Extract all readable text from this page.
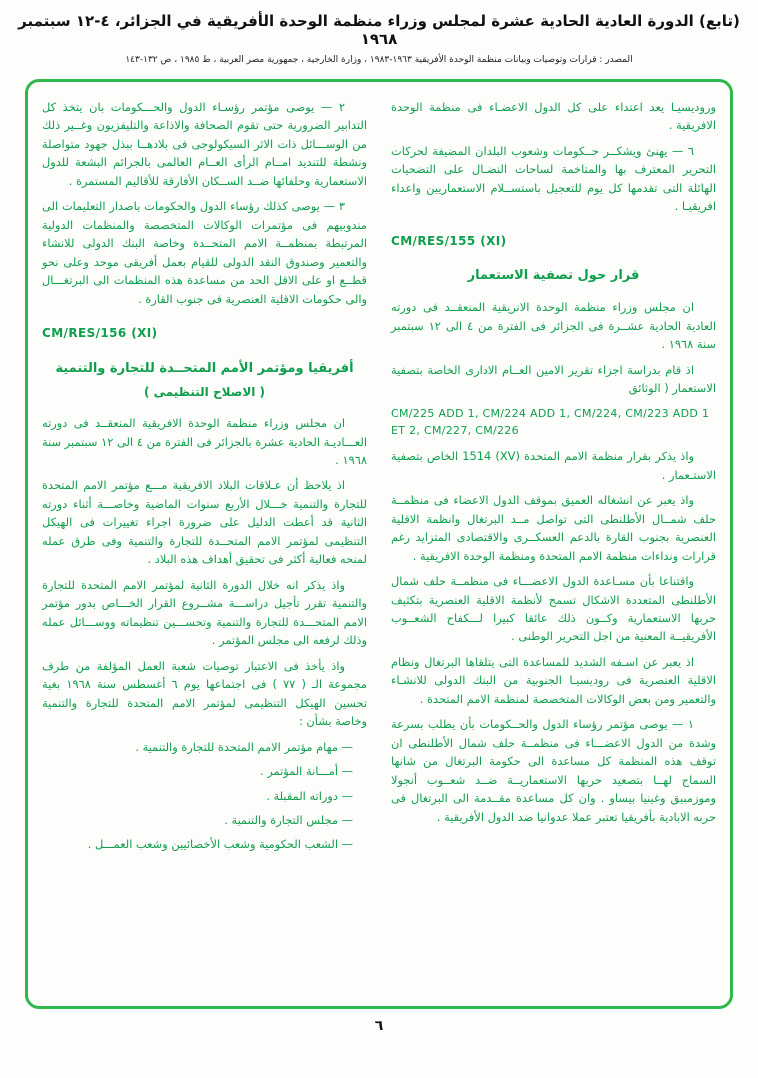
(تابع) الدورة العادية الحادية عشرة لمجلس وزراء منظمة الوحدة الأفريقية في الجزائر، ٤-١٢ سبتمبر ١٩٦٨
المصدر : قرارات وتوصيات وبيانات منظمة الوحدة الأفريقية ١٩٦٣-١٩٨٣ ، وزارة الخارجية ، جمهورية مصر العربية ، ط ١٩٨٥ ، ص ١٣٢-١٤٣

وروديسيـا يعد اعتداء على كل الدول الاعضـاء فى منظمة الوحدة الافريقية .

٦ — يهنئ ويشكــر حــكومات وشعوب البلدان المضيفة لحركات التحرير المعترف بها والمتاخمة لساحات النضـال على التضحيات الهائلة التى تقدمها كل يوم للتعجيل باستســلام الاستعماريين واعداء افريقيـا .

CM/RES/155 (XI)
قرار حول تصفية الاستعمار

ان مجلس وزراء منظمة الوحدة الانريقية المنعقــد فى دورته العادية الحادية عشــرة فى الجزائر فى الفترة من ٤ الى ١٢ سبتمبر سنة ١٩٦٨ .

اذ قام بدراسة اجزاء تقرير الامين العــام الادارى الخاصة بتصفية الاستعمار ( الوثائق

CM/225 ADD 1, CM/224 ADD 1, CM/224, CM/223 ADD 1 ET 2, CM/227, CM/226

واذ يذكر بقرار منظمة الامم المتحدة (XV) 1514 الخاص بتصفية الاستـعمار .

واذ يعبر عن انشغاله العميق بموقف الدول الاعضاء فى منظمــة حلف شمــال الأطلنطى التى تواصل مــد البرتغال وانظمة الاقلية العنصرية بجنوب القارة بالدعم العسكــرى والاقتصادى المتزايد رغم قرارات ونداءات منظمة الامم المتحدة ومنظمة الوحدة الافريقية .

واقتناعا بأن مسـاعدة الدول الاعضـــاء فى منظمــة حلف شمال الأطلنطى المتعددة الاشكال تسمح لأنظمة الاقلية العنصرية بتكثيف حربها الاستعمارية وكــون ذلك عائقا كبيرا لـــكفاح الشعــوب الأفريقيــة المعنية من اجل التحرير الوطنى .

اذ يعبر عن اسـفه الشديد للمساعدة التى يتلقاها البرتغال ونظام الاقلية العنصرية فى روديسيـا الجنوبية من البنك الدولى للانشـاء والتعمير ومن بعض الوكالات المتخصصة لمنظمة الامم المتحدة .

١ — يوصى مؤتمر رؤساء الدول والحــكومات بأن يطلب بسرعة وشدة من الدول الاعضـــاء فى منظمــة حلف شمال الأطلنطى ان توقف هذه المنظمة كل مساعدة الى حكومة البرتغال من شانها السماح لهــا بتصعيد حربها الاستعماريــة ضــد شعــوب أنجولا وموزمبيق وغينيا بيساو . وان كل مساعدة مقــدمة الى البرتغال فى حربه الابادية بأفريقيا تعتبر عملا عدوانيا ضد الدول الأفريقية .

٢ — يوصى مؤتمر رؤسـاء الدول والحـــكومات بان يتخذ كل التدابير الضرورية حتى تقوم الصحافة والاذاعة والتليفزيون وغــير ذلك من الوســـائل ذات الاثر السيكولوجى فى بلادهــا ببذل جهود متواصلة ونشطة للتنديد امــام الرأى العــام العالمى بالجرائم البشعة للدول الاستعمارية وحلفائها ضــد الســكان الأفارقة للأقاليم المستمرة .

٣ — يوصى كذلك رؤساء الدول والحكومات باصدار التعليمات الى مندوبيهم فى مؤتمرات الوكالات المتخصصة والمنظمات الدولية المرتبطة بمنظمــة الامم المتحــدة وخاصة البنك الدولى للانشاء والتعمير وصندوق النقد الدولى للقيام بعمل أفريقى موحد وعلى نحو قطــع او على الاقل الحد من مساعدة هذه المنظمات الى البرتغـــال والى حكومات الاقلية العنصرية فى جنوب القارة .

CM/RES/156 (XI)
أفريقيا ومؤتمر الأمم المتحــدة للتجارة والتنمية
( الاصلاح التنظيمى )

ان مجلس وزراء منظمة الوحدة الافريقية المنعقــد فى دورته العـــاديـة الحادية عشرة بالجزائر فى الفترة من ٤ الى ١٢ سبتمبر سنة ١٩٦٨ .

اذ يلاحظ أن عـلاقات البلاد الافريقية مـــع مؤتمر الامم المتحدة للتجارة والتنمية خـــلال الأربع سنوات الماضية وخاصـــة أثناء دورته الثانية قد أعطت الدليل على ضرورة اجراء تغييرات فى الهيكل التنظيمى لمؤتمر الامم المتحــدة للتجارة والتنمية وفى طرق عمله لمنحه فعالية أكثر فى تحقيق أهداف هذه البلاد .

واذ يذكر انه خلال الدورة الثانية لمؤتمر الامم المتحدة للتجارة والتنمية تقرر تأجيل دراســـة مشــروع القرار الخـــاص بدور مؤتمر الامم المتحـــدة للتجارة والتنمية وتحســـين تنظيماته ووســـائل عمله وذلك لرفعه الى مجلس المؤتمر .

واذ يأخذ فى الاعتبار توصيات شعبة العمل المؤلفة من طرف مجموعة الـ ( ٧٧ ) فى اجتماعها يوم ٦ أغسطس سنة ١٩٦٨ بغية تحسين الهيكل التنظيمى لمؤتمر الامم المتحدة للتجارة والتنمية وخاصة بشأن :

— مهام مؤتمر الامم المتحدة للتجارة والتنمية .

— أمـــانة المؤتمر .

— دوراته المقبلة .

— مجلس التجارة والتنمية .

— الشعب الحكومية وشعب الأخصائيين وشعب العمـــل .

٦
